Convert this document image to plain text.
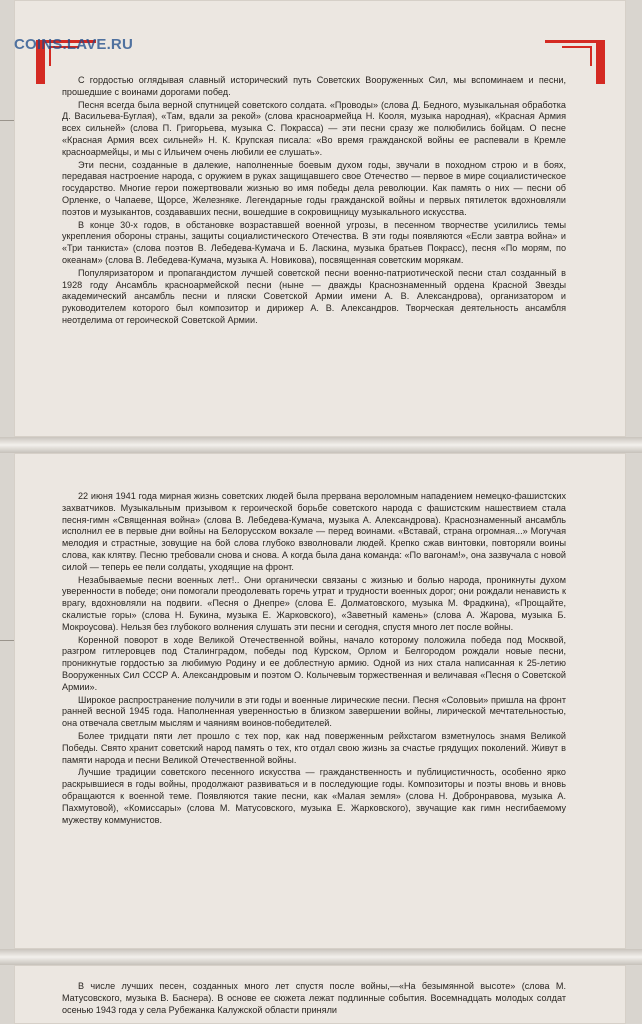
COINS.LAVE.RU

С гордостью оглядывая славный исторический путь Советских Вооруженных Сил, мы вспоминаем и песни, прошедшие с воинами дорогами побед.

Песня всегда была верной спутницей советского солдата. «Проводы» (слова Д. Бедного, музыкальная обработка Д. Васильева-Буглая), «Там, вдали за рекой» (слова красноармейца Н. Кооля, музыка народная), «Красная Армия всех сильней» (слова П. Григорьева, музыка С. Покрасса) — эти песни сразу же полюбились бойцам. О песне «Красная Армия всех сильней» Н. К. Крупская писала: «Во время гражданской войны ее распевали в Кремле красноармейцы, и мы с Ильичем очень любили ее слушать».

Эти песни, созданные в далекие, наполненные боевым духом годы, звучали в походном строю и в боях, передавая настроение народа, с оружием в руках защищавшего свое Отечество — первое в мире социалистическое государство. Многие герои пожертвовали жизнью во имя победы дела революции. Как память о них — песни об Орленке, о Чапаеве, Щорсе, Железняке. Легендарные годы гражданской войны и первых пятилеток вдохновляли поэтов и музыкантов, создававших песни, вошедшие в сокровищницу музыкального искусства.

В конце 30-х годов, в обстановке возраставшей военной угрозы, в песенном творчестве усилились темы укрепления обороны страны, защиты социалистического Отечества. В эти годы появляются «Если завтра война» и «Три танкиста» (слова поэтов В. Лебедева-Кумача и Б. Ласкина, музыка братьев Покрасс), песня «По морям, по океанам» (слова В. Лебедева-Кумача, музыка А. Новикова), посвященная советским морякам.

Популяризатором и пропагандистом лучшей советской песни военно-патриотической песни стал созданный в 1928 году Ансамбль красноармейской песни (ныне — дважды Краснознаменный ордена Красной Звезды академический ансамбль песни и пляски Советской Армии имени А. В. Александрова), организатором и руководителем которого был композитор и дирижер А. В. Александров. Творческая деятельность ансамбля неотделима от героической Советской Армии.

22 июня 1941 года мирная жизнь советских людей была прервана вероломным нападением немецко-фашистских захватчиков. Музыкальным призывом к героической борьбе советского народа с фашистским нашествием стала песня-гимн «Священная война» (слова В. Лебедева-Кумача, музыка А. Александрова). Краснознаменный ансамбль исполнил ее в первые дни войны на Белорусском вокзале — перед воинами. «Вставай, страна огромная...» Могучая мелодия и страстные, зовущие на бой слова глубоко взволновали людей. Крепко сжав винтовки, повторяли воины слова, как клятву. Песню требовали снова и снова. А когда была дана команда: «По вагонам!», она зазвучала с новой силой — теперь ее пели солдаты, уходящие на фронт.

Незабываемые песни военных лет!.. Они органически связаны с жизнью и болью народа, проникнуты духом уверенности в победе; они помогали преодолевать горечь утрат и трудности военных дорог; они рождали ненависть к врагу, вдохновляли на подвиги. «Песня о Днепре» (слова Е. Долматовского, музыка М. Фрадкина), «Прощайте, скалистые горы» (слова Н. Букина, музыка Е. Жарковского), «Заветный камень» (слова А. Жарова, музыка Б. Мокроусова). Нельзя без глубокого волнения слушать эти песни и сегодня, спустя много лет после войны.

Коренной поворот в ходе Великой Отечественной войны, начало которому положила победа под Москвой, разгром гитлеровцев под Сталинградом, победы под Курском, Орлом и Белгородом рождали новые песни, проникнутые гордостью за любимую Родину и ее доблестную армию. Одной из них стала написанная к 25-летию Вооруженных Сил СССР А. Александровым и поэтом О. Колычевым торжественная и величавая «Песня о Советской Армии».

Широкое распространение получили в эти годы и военные лирические песни. Песня «Соловьи» пришла на фронт ранней весной 1945 года. Наполненная уверенностью в близком завершении войны, лирической мечтательностью, она отвечала светлым мыслям и чаяниям воинов-победителей.

Более тридцати пяти лет прошло с тех пор, как над поверженным рейхстагом взметнулось знамя Великой Победы. Свято хранит советский народ память о тех, кто отдал свою жизнь за счастье грядущих поколений. Живут в памяти народа и песни Великой Отечественной войны.

Лучшие традиции советского песенного искусства — гражданственность и публицистичность, особенно ярко раскрывшиеся в годы войны, продолжают развиваться и в последующие годы. Композиторы и поэты вновь и вновь обращаются к военной теме. Появляются такие песни, как «Малая земля» (слова Н. Добронравова, музыка А. Пахмутовой), «Комиссары» (слова М. Матусовского, музыка Е. Жарковского), звучащие как гимн несгибаемому мужеству коммунистов.

В числе лучших песен, созданных много лет спустя после войны,—«На безымянной высоте» (слова М. Матусовского, музыка В. Баснера). В основе ее сюжета лежат подлинные события. Восемнадцать молодых солдат осенью 1943 года у села Рубежанка Калужской области приняли
